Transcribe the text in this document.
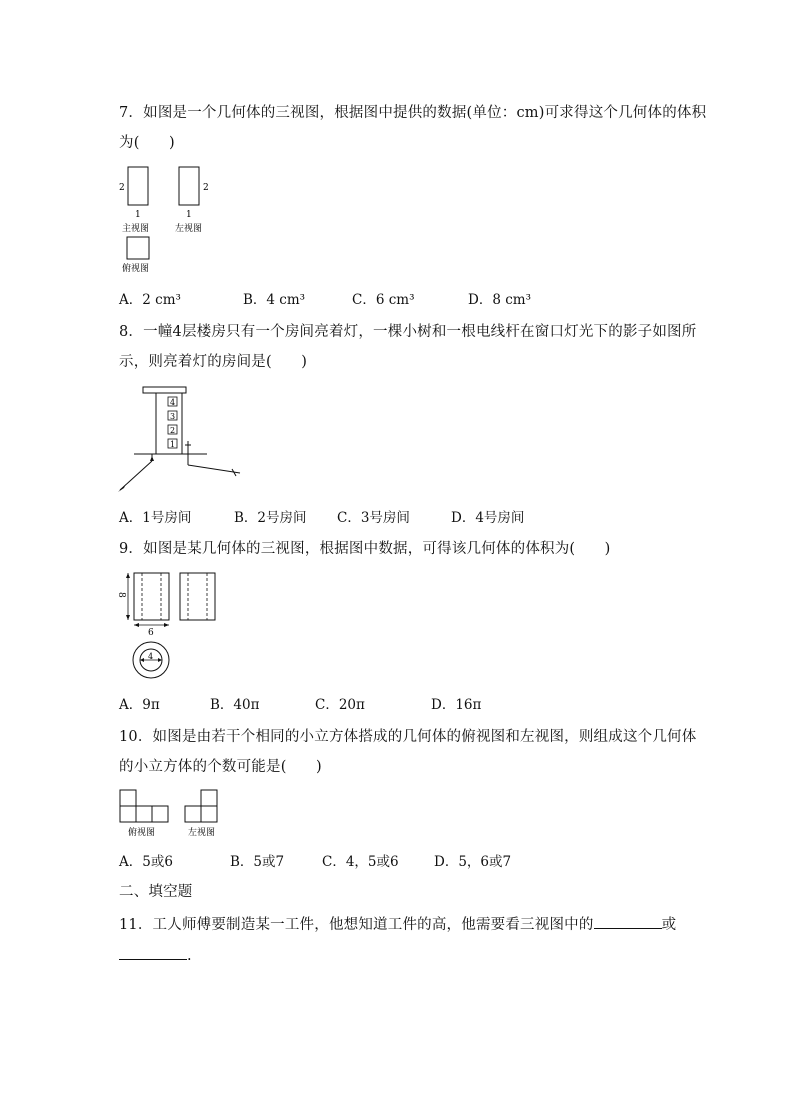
7．如图是一个几何体的三视图，根据图中提供的数据(单位：cm)可求得这个几何体的体积
为(　　)
2
1
主视图
2
1
左视图
俯视图
A．2 cm³	B．4 cm³	C．6 cm³	D．8 cm³
8．一幢4层楼房只有一个房间亮着灯，一棵小树和一根电线杆在窗口灯光下的影子如图所
示，则亮着灯的房间是(　　)
4
3
2
1
A．1号房间	B．2号房间 C．3号房间	D．4号房间
9．如图是某几何体的三视图，根据图中数据，可得该几何体的体积为(　　)
8
6
4
A．9π	B．40π	C．20π	D．16π
10．如图是由若干个相同的小立方体搭成的几何体的俯视图和左视图，则组成这个几何体
的小立方体的个数可能是(　　)
俯视图	左视图
A．5或6	B．5或7	C．4，5或6	D．5，6或7
二、填空题
11．工人师傅要制造某一工件，他想知道工件的高，他需要看三视图中的	或
.
